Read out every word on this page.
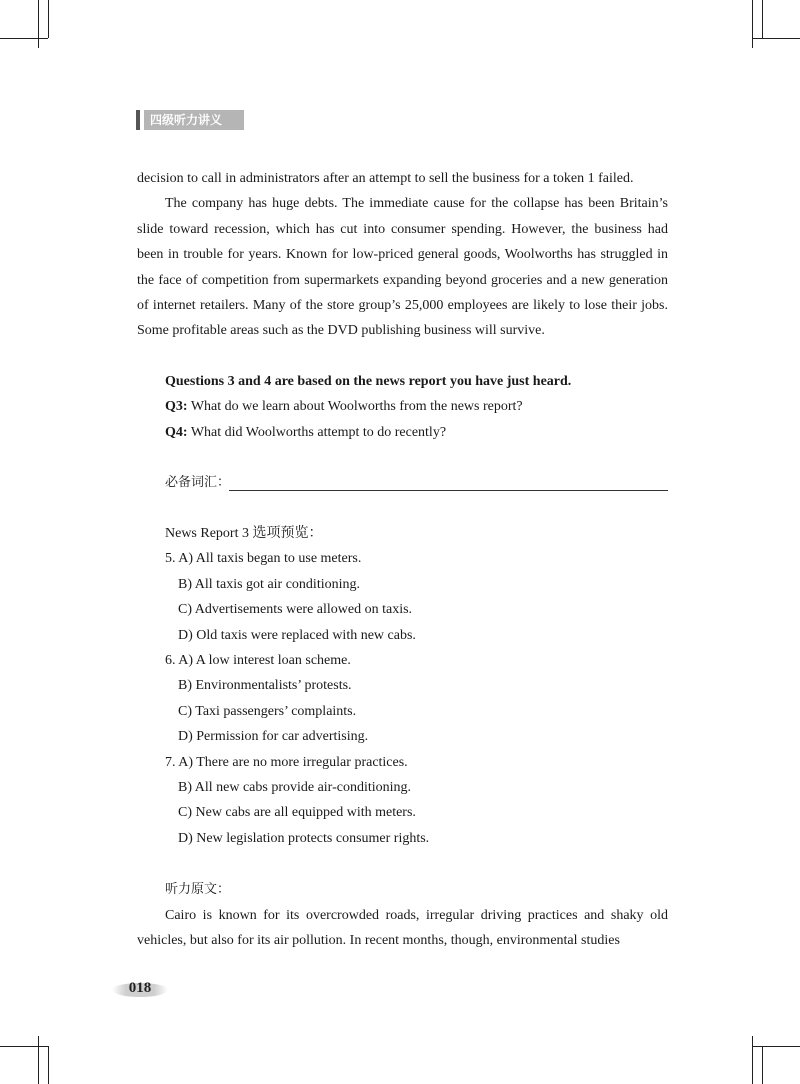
四级听力讲义

decision to call in administrators after an attempt to sell the business for a token 1 failed.

The company has huge debts. The immediate cause for the collapse has been Britain’s slide toward recession, which has cut into consumer spending. However, the business had been in trouble for years. Known for low-priced general goods, Woolworths has struggled in the face of competition from supermarkets expanding beyond groceries and a new generation of internet retailers. Many of the store group’s 25,000 employees are likely to lose their jobs. Some profitable areas such as the DVD publishing business will survive.

Questions 3 and 4 are based on the news report you have just heard.
Q3: What do we learn about Woolworths from the news report?
Q4: What did Woolworths attempt to do recently?
必备词汇：
News Report 3 选项预览：
5. A) All taxis began to use meters.
B) All taxis got air conditioning.
C) Advertisements were allowed on taxis.
D) Old taxis were replaced with new cabs.
6. A) A low interest loan scheme.
B) Environmentalists’ protests.
C) Taxi passengers’ complaints.
D) Permission for car advertising.
7. A) There are no more irregular practices.
B) All new cabs provide air-conditioning.
C) New cabs are all equipped with meters.
D) New legislation protects consumer rights.
听力原文：

Cairo is known for its overcrowded roads, irregular driving practices and shaky old vehicles, but also for its air pollution. In recent months, though, environmental studies

018
